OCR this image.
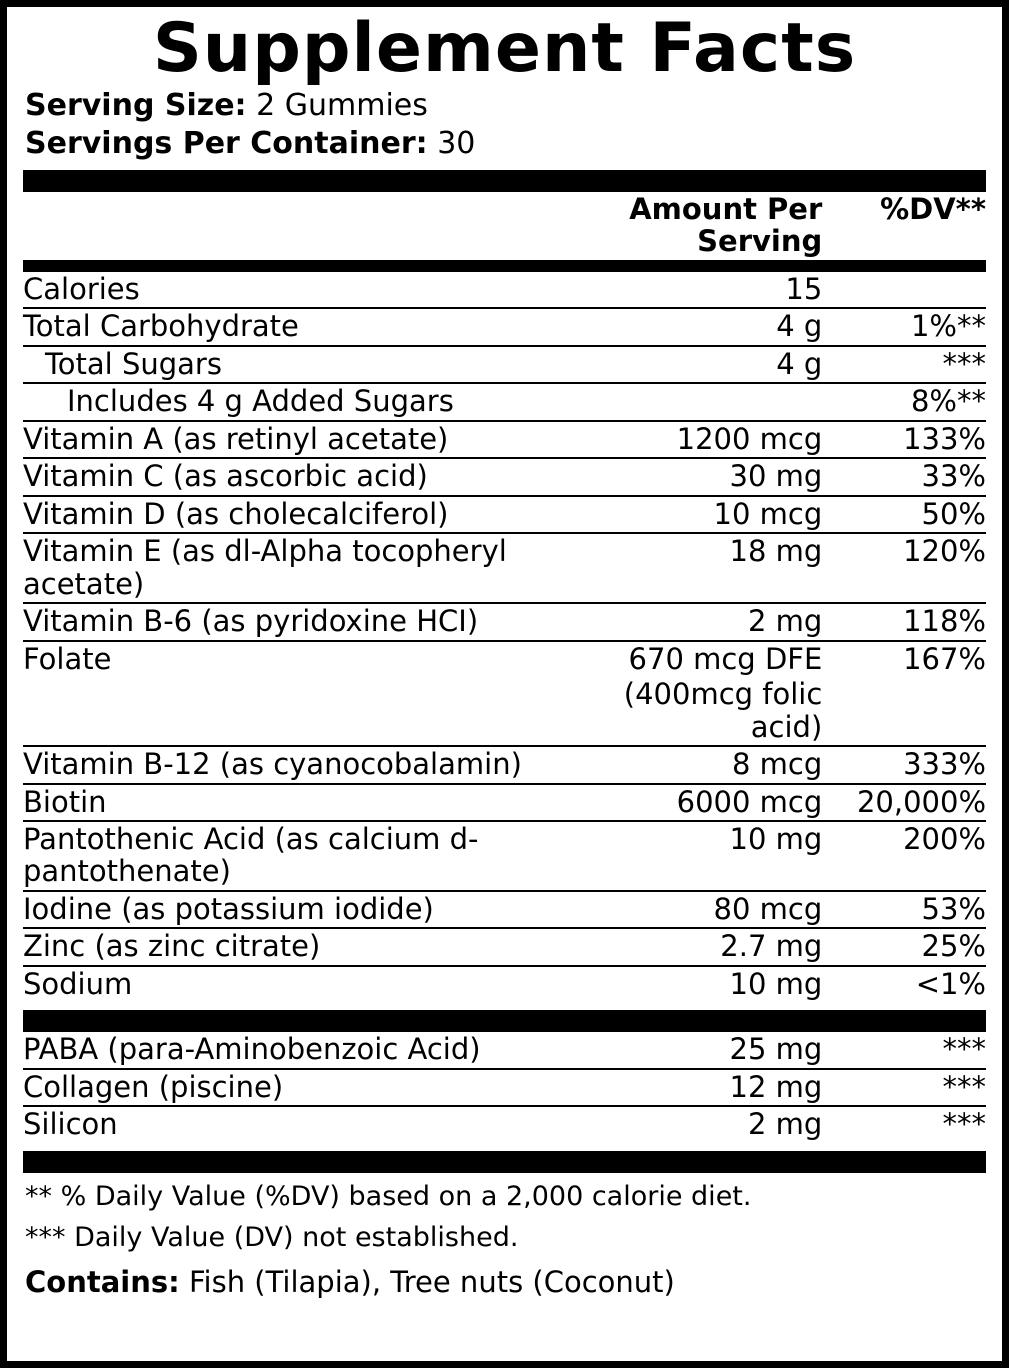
Supplement Facts
Serving Size: 2 Gummies
Servings Per Container: 30
	Amount Per Serving	%DV**
Calories	15	
Total Carbohydrate	4 g	1%**
Total Sugars	4 g	***
Includes 4 g Added Sugars		8%**
Vitamin A (as retinyl acetate)	1200 mcg	133%
Vitamin C (as ascorbic acid)	30 mg	33%
Vitamin D (as cholecalciferol)	10 mcg	50%
Vitamin E (as dl-Alpha tocopheryl acetate)	18 mg	120%
Vitamin B-6 (as pyridoxine HCI)	2 mg	118%
Folate	670 mcg DFE	167%
	(400mcg folic acid)	
Vitamin B-12 (as cyanocobalamin)	8 mcg	333%
Biotin	6000 mcg	20,000%
Pantothenic Acid (as calcium d-pantothenate)	10 mg	200%
Iodine (as potassium iodide)	80 mcg	53%
Zinc (as zinc citrate)	2.7 mg	25%
Sodium	10 mg	<1%
PABA (para-Aminobenzoic Acid)	25 mg	***
Collagen (piscine)	12 mg	***
Silicon	2 mg	***
** % Daily Value (%DV) based on a 2,000 calorie diet.
*** Daily Value (DV) not established.
Contains: Fish (Tilapia), Tree nuts (Coconut)
